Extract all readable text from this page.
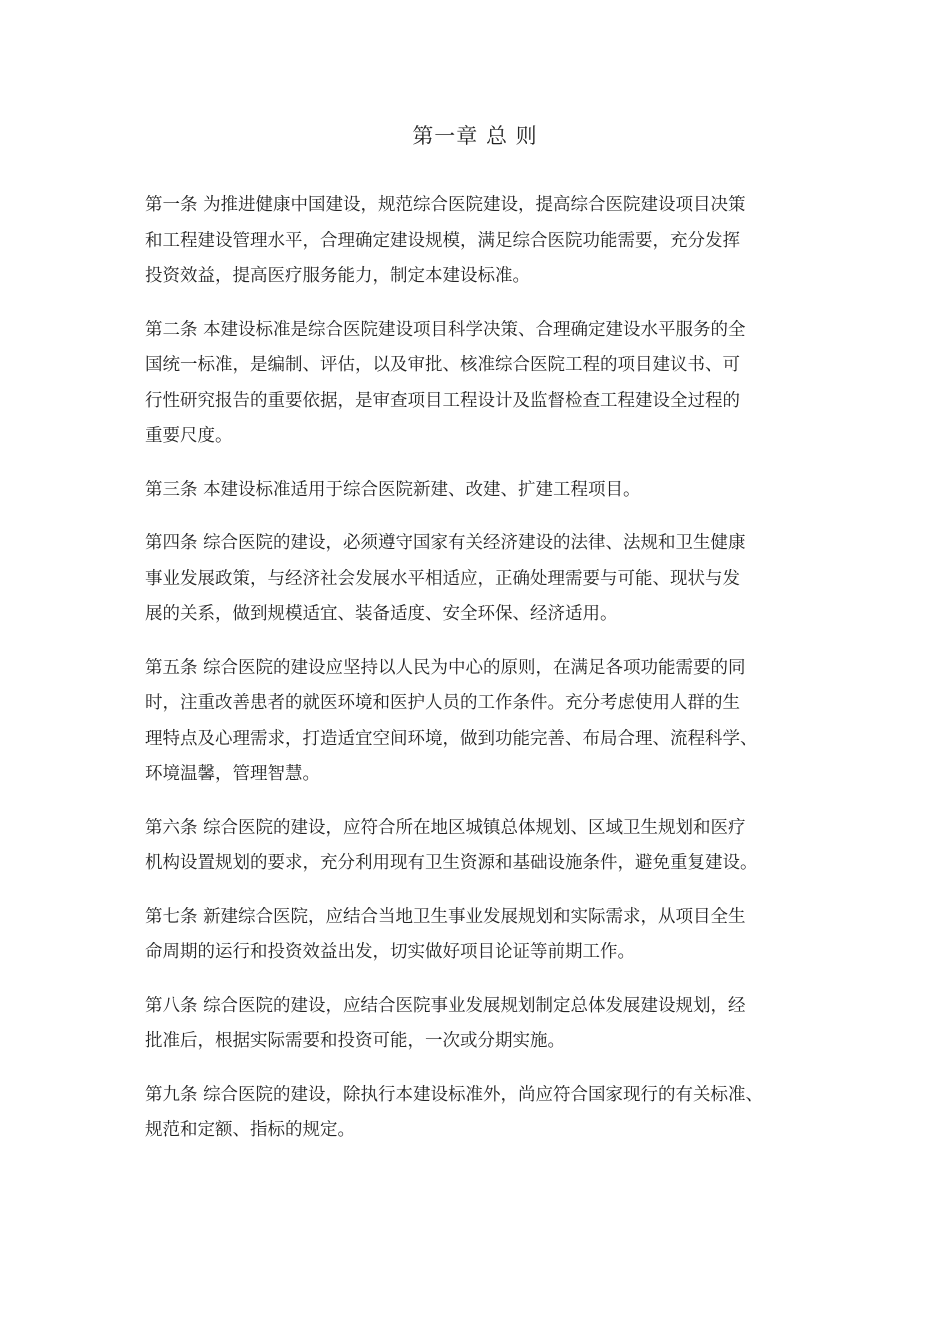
第一章 总 则
第一条 为推进健康中国建设，规范综合医院建设，提高综合医院建设项目决策
和工程建设管理水平，合理确定建设规模，满足综合医院功能需要，充分发挥
投资效益，提高医疗服务能力，制定本建设标准。
第二条 本建设标准是综合医院建设项目科学决策、合理确定建设水平服务的全
国统一标准，是编制、评估，以及审批、核准综合医院工程的项目建议书、可
行性研究报告的重要依据，是审查项目工程设计及监督检查工程建设全过程的
重要尺度。
第三条 本建设标准适用于综合医院新建、改建、扩建工程项目。
第四条 综合医院的建设，必须遵守国家有关经济建设的法律、法规和卫生健康
事业发展政策，与经济社会发展水平相适应，正确处理需要与可能、现状与发
展的关系，做到规模适宜、装备适度、安全环保、经济适用。
第五条 综合医院的建设应坚持以人民为中心的原则，在满足各项功能需要的同
时，注重改善患者的就医环境和医护人员的工作条件。充分考虑使用人群的生
理特点及心理需求，打造适宜空间环境，做到功能完善、布局合理、流程科学、
环境温馨，管理智慧。
第六条 综合医院的建设，应符合所在地区城镇总体规划、区域卫生规划和医疗
机构设置规划的要求，充分利用现有卫生资源和基础设施条件，避免重复建设。
第七条 新建综合医院，应结合当地卫生事业发展规划和实际需求，从项目全生
命周期的运行和投资效益出发，切实做好项目论证等前期工作。
第八条 综合医院的建设，应结合医院事业发展规划制定总体发展建设规划，经
批准后，根据实际需要和投资可能，一次或分期实施。
第九条 综合医院的建设，除执行本建设标准外，尚应符合国家现行的有关标准、
规范和定额、指标的规定。
